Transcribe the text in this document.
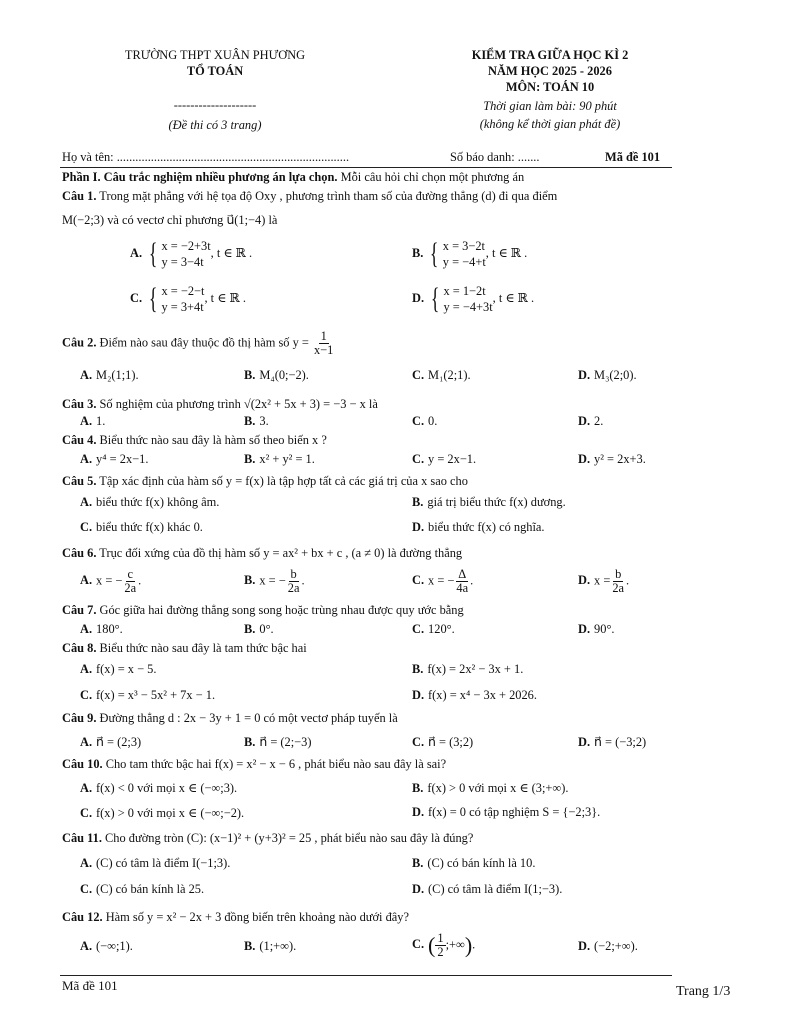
TRƯỜNG THPT XUÂN PHƯƠNG
TỔ TOÁN
--------------------
(Đề thi có 3 trang)
KIỂM TRA GIỮA HỌC KÌ 2
NĂM HỌC 2025 - 2026
MÔN: TOÁN 10
Thời gian làm bài: 90 phút
(không kể thời gian phát đề)
Họ và tên: ...........................................................................	Số báo danh: .......	Mã đề 101
Phần I. Câu trắc nghiệm nhiều phương án lựa chọn. Mỗi câu hỏi chỉ chọn một phương án
Câu 1. Trong mặt phẳng với hệ tọa độ Oxy , phương trình tham số của đường thẳng (d) đi qua điểm
M(−2;3) và có vectơ chỉ phương u⃗(1;−4) là
A. { x = −2+3t
y = 3−4t
, t ∈ ℝ .	B. { x = 3−2t
y = −4+t
, t ∈ ℝ .
C. { x = −2−t
y = 3+4t
, t ∈ ℝ .	D. { x = 1−2t
y = −4+3t
, t ∈ ℝ .
Câu 2. Điểm nào sau đây thuộc đồ thị hàm số $y = \frac{1}{x-1}$
A. M₂(1;1).	B. M₄(0;−2).	C. M₁(2;1).	D. M₃(2;0).
Câu 3. Số nghiệm của phương trình √(2x² + 5x + 3) = −3 − x là
A. 1.	B. 3.	C. 0.	D. 2.
Câu 4. Biểu thức nào sau đây là hàm số theo biến x ?
A. y⁴ = 2x−1.	B. x² + y² = 1.	C. y = 2x−1.	D. y² = 2x+3.
Câu 5. Tập xác định của hàm số y = f(x) là tập hợp tất cả các giá trị của x sao cho
A. biểu thức f(x) không âm.	B. giá trị biểu thức f(x) dương.
C. biểu thức f(x) khác 0.	D. biểu thức f(x) có nghĩa.
Câu 6. Trục đối xứng của đồ thị hàm số y = ax² + bx + c , (a ≠ 0) là đường thẳng
A. x = − $\frac{c}{2a}$ .	B. x = − $\frac{b}{2a}$ .	C. x = − $\frac{\Delta}{4a}$ .	D. $x = \frac{b}{2a}$ .
Câu 7. Góc giữa hai đường thẳng song song hoặc trùng nhau được quy ước bằng
A. 180°.	B. 0°.	C. 120°.	D. 90°.
Câu 8. Biểu thức nào sau đây là tam thức bậc hai
A. f(x) = x − 5.	B. f(x) = 2x² − 3x + 1.
C. f(x) = x³ − 5x² + 7x − 1.	D. f(x) = x⁴ − 3x + 2026.
Câu 9. Đường thẳng d : 2x − 3y + 1 = 0 có một vectơ pháp tuyến là
A. n⃗ = (2;3)	B. n⃗ = (2;−3)	C. n⃗ = (3;2)	D. n⃗ = (−3;2)
Câu 10. Cho tam thức bậc hai f(x) = x² − x − 6 , phát biểu nào sau đây là sai?
A. f(x) < 0 với mọi x ∈ (−∞;3).	B. f(x) > 0 với mọi x ∈ (3;+∞).
C. f(x) > 0 với mọi x ∈ (−∞;−2).	D. f(x) = 0 có tập nghiệm S = {−2;3}.
Câu 11. Cho đường tròn (C): (x−1)² + (y+3)² = 25 , phát biểu nào sau đây là đúng?
A. (C) có tâm là điểm I(−1;3).	B. (C) có bán kính là 10.
C. (C) có bán kính là 25.	D. (C) có tâm là điểm I(1;−3).
Câu 12. Hàm số y = x² − 2x + 3 đồng biến trên khoảng nào dưới đây?
A. (−∞;1).	B. (1;+∞).	C. ( $\frac{1}{2}$ ;+∞).	D. (−2;+∞).
Mã đề 101	Trang 1/3
